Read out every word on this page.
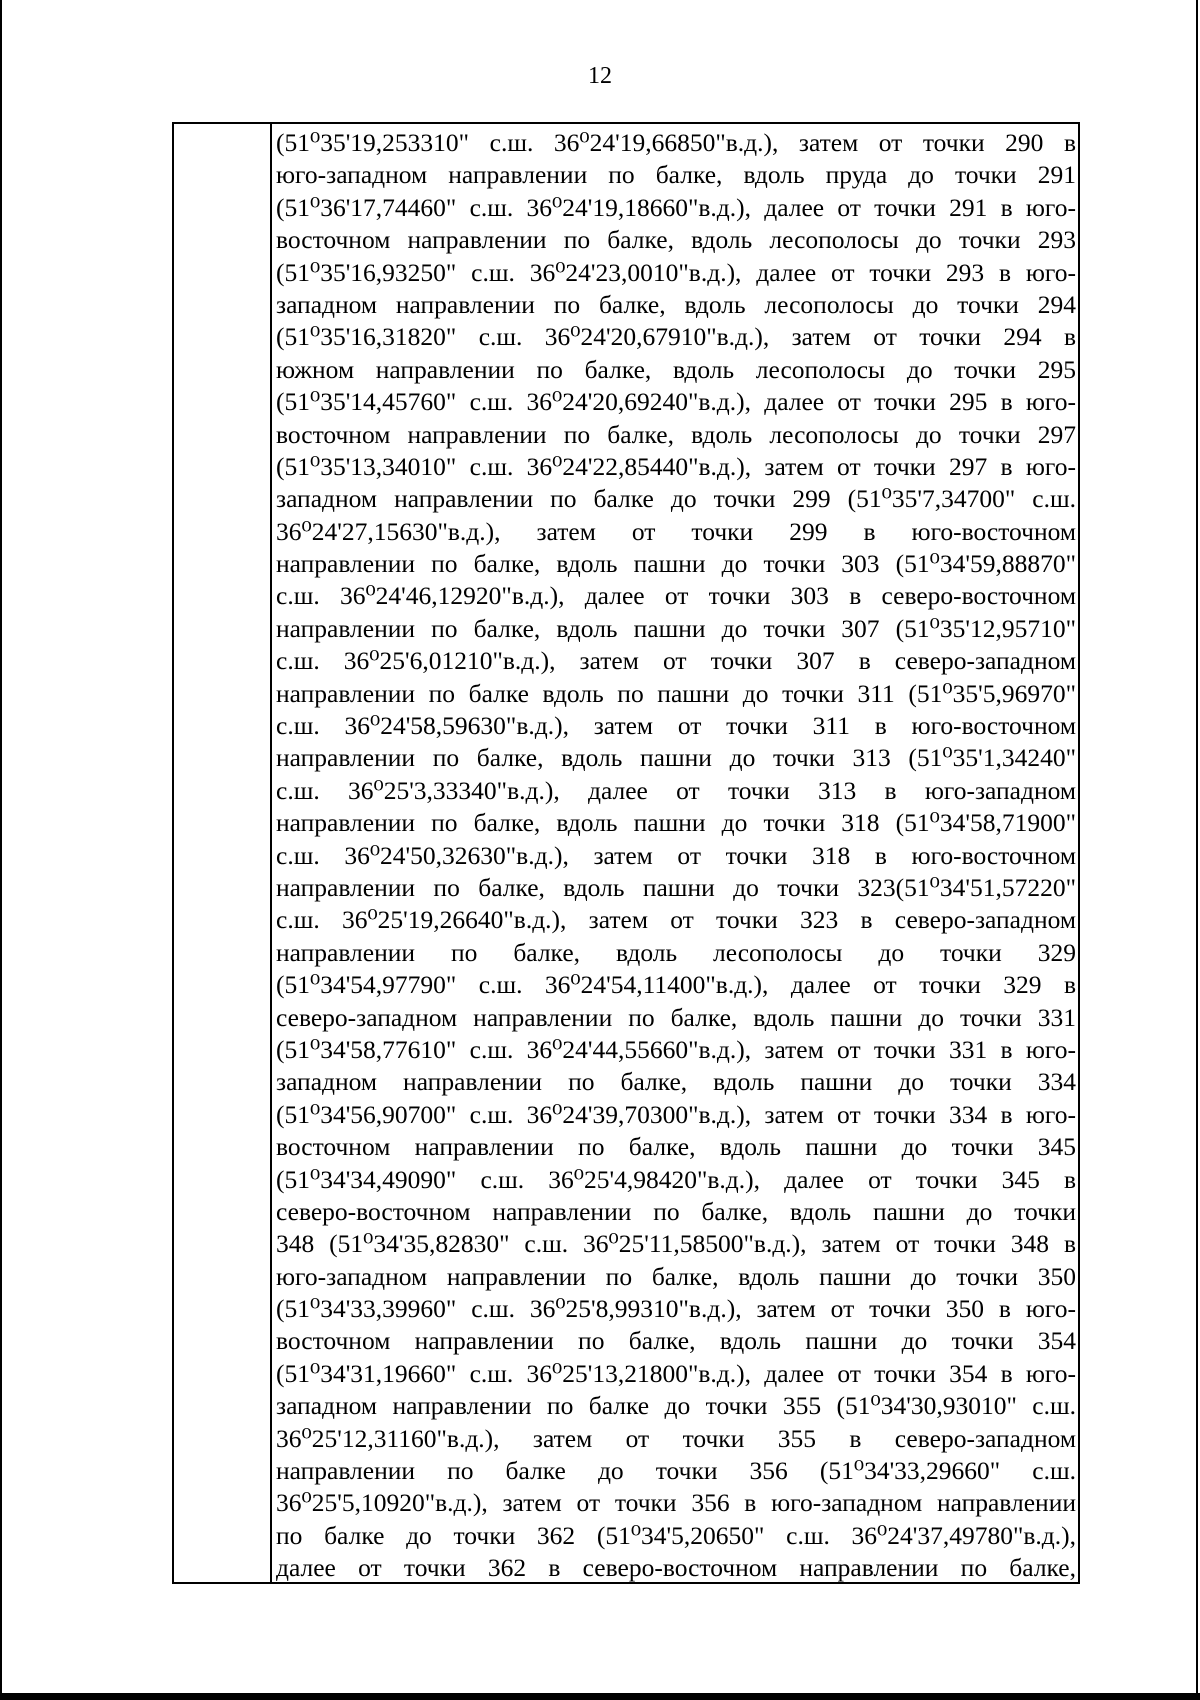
12
(51⁰35'19,253310" с.ш. 36⁰24'19,66850"в.д.), затем от точки 290 в
юго-западном направлении по балке, вдоль пруда до точки 291
(51⁰36'17,74460" с.ш. 36⁰24'19,18660"в.д.), далее от точки 291 в юго-
восточном направлении по балке, вдоль лесополосы до точки 293
(51⁰35'16,93250" с.ш. 36⁰24'23,0010"в.д.), далее от точки 293 в юго-
западном направлении по балке, вдоль лесополосы до точки 294
(51⁰35'16,31820" с.ш. 36⁰24'20,67910"в.д.), затем от точки 294 в
южном направлении по балке, вдоль лесополосы до точки 295
(51⁰35'14,45760" с.ш. 36⁰24'20,69240"в.д.), далее от точки 295 в юго-
восточном направлении по балке, вдоль лесополосы до точки 297
(51⁰35'13,34010" с.ш. 36⁰24'22,85440"в.д.), затем от точки 297 в юго-
западном направлении по балке до точки 299 (51⁰35'7,34700" с.ш.
36⁰24'27,15630"в.д.), затем от точки 299 в юго-восточном
направлении по балке, вдоль пашни до точки 303 (51⁰34'59,88870"
с.ш. 36⁰24'46,12920"в.д.), далее от точки 303 в северо-восточном
направлении по балке, вдоль пашни до точки 307 (51⁰35'12,95710"
с.ш. 36⁰25'6,01210"в.д.), затем от точки 307 в северо-западном
направлении по балке вдоль по пашни до точки 311 (51⁰35'5,96970"
с.ш. 36⁰24'58,59630"в.д.), затем от точки 311 в юго-восточном
направлении по балке, вдоль пашни до точки 313 (51⁰35'1,34240"
с.ш. 36⁰25'3,33340"в.д.), далее от точки 313 в юго-западном
направлении по балке, вдоль пашни до точки 318 (51⁰34'58,71900"
с.ш. 36⁰24'50,32630"в.д.), затем от точки 318 в юго-восточном
направлении по балке, вдоль пашни до точки 323(51⁰34'51,57220"
с.ш. 36⁰25'19,26640"в.д.), затем от точки 323 в северо-западном
направлении по балке, вдоль лесополосы до точки 329
(51⁰34'54,97790" с.ш. 36⁰24'54,11400"в.д.), далее от точки 329 в
северо-западном направлении по балке, вдоль пашни до точки 331
(51⁰34'58,77610" с.ш. 36⁰24'44,55660"в.д.), затем от точки 331 в юго-
западном направлении по балке, вдоль пашни до точки 334
(51⁰34'56,90700" с.ш. 36⁰24'39,70300"в.д.), затем от точки 334 в юго-
восточном направлении по балке, вдоль пашни до точки 345
(51⁰34'34,49090" с.ш. 36⁰25'4,98420"в.д.), далее от точки 345 в
северо-восточном направлении по балке, вдоль пашни до точки
348 (51⁰34'35,82830" с.ш. 36⁰25'11,58500"в.д.), затем от точки 348 в
юго-западном направлении по балке, вдоль пашни до точки 350
(51⁰34'33,39960" с.ш. 36⁰25'8,99310"в.д.), затем от точки 350 в юго-
восточном направлении по балке, вдоль пашни до точки 354
(51⁰34'31,19660" с.ш. 36⁰25'13,21800"в.д.), далее от точки 354 в юго-
западном направлении по балке до точки 355 (51⁰34'30,93010" с.ш.
36⁰25'12,31160"в.д.), затем от точки 355 в северо-западном
направлении по балке до точки 356 (51⁰34'33,29660" с.ш.
36⁰25'5,10920"в.д.), затем от точки 356 в юго-западном направлении
по балке до точки 362 (51⁰34'5,20650" с.ш. 36⁰24'37,49780"в.д.),
далее от точки 362 в северо-восточном направлении по балке,
